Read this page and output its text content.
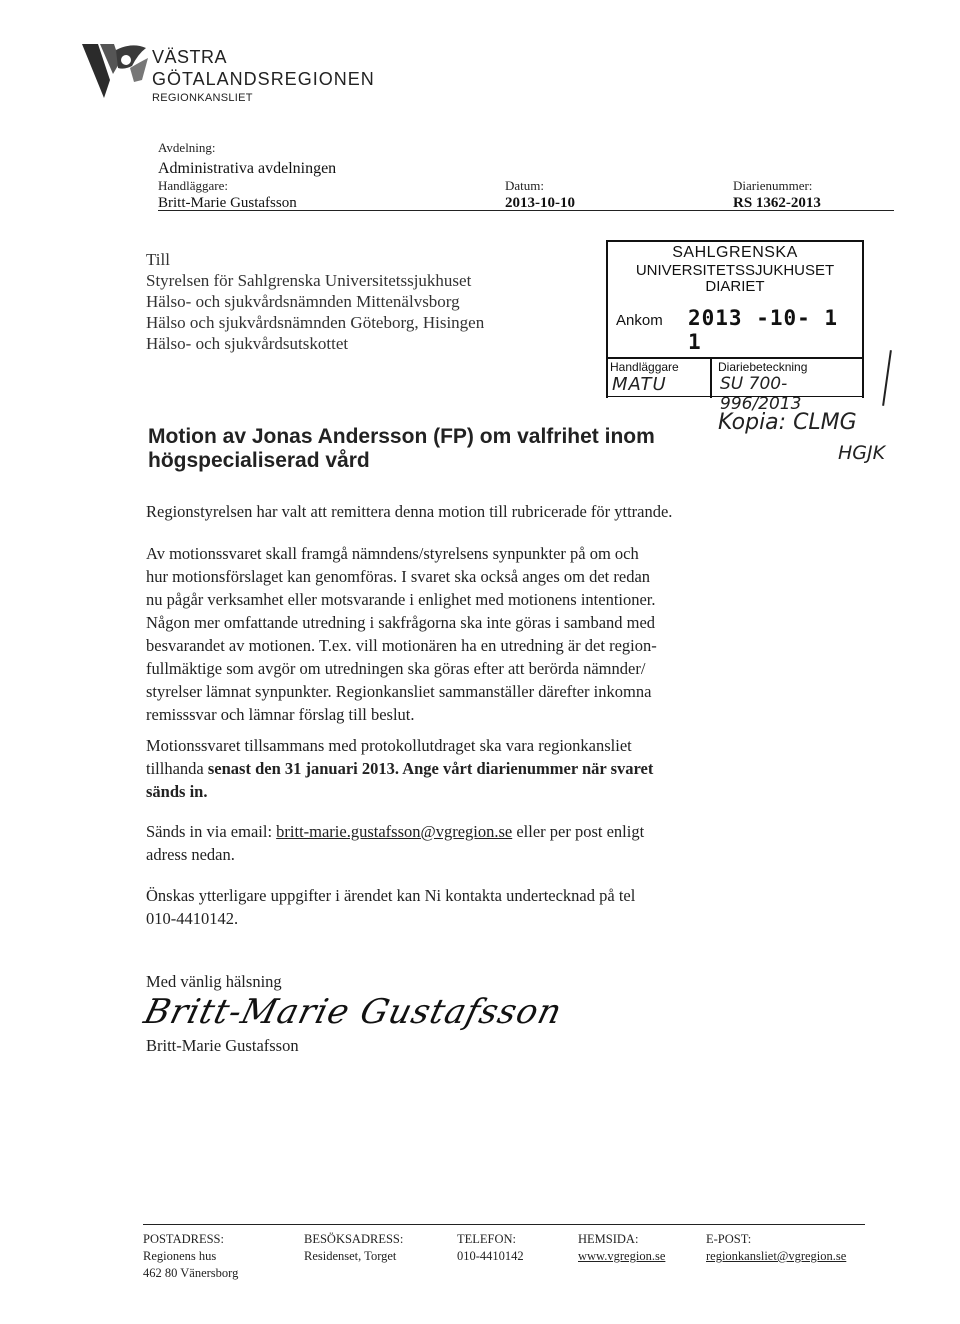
VÄSTRA
GÖTALANDSREGIONEN
REGIONKANSLIET
Avdelning:
Administrativa avdelningen
Handläggare:
Britt-Marie Gustafsson
Datum:
2013-10-10
Diarienummer:
RS 1362-2013
Till
Styrelsen för Sahlgrenska Universitetssjukhuset
Hälso- och sjukvårdsnämnden Mittenälvsborg
Hälso och sjukvårdsnämnden Göteborg, Hisingen
Hälso- och sjukvårdsutskottet
SAHLGRENSKA
UNIVERSITETSSJUKHUSET
DIARIET
Ankom 2013 -10- 1 1
Handläggare	Diariebeteckning
MATU	SU 700-996/2013
Kopia: CLMG
HGJK
Motion av Jonas Andersson (FP) om valfrihet inom högspecialiserad vård
Regionstyrelsen har valt att remittera denna motion till rubricerade för yttrande.
Av motionssvaret skall framgå nämndens/styrelsens synpunkter på om och
hur motionsförslaget kan genomföras. I svaret ska också anges om det redan
nu pågår verksamhet eller motsvarande i enlighet med motionens intentioner.
Någon mer omfattande utredning i sakfrågorna ska inte göras i samband med
besvarandet av motionen. T.ex. vill motionären ha en utredning är det region-
fullmäktige som avgör om utredningen ska göras efter att berörda nämnder/
styrelser lämnat synpunkter. Regionkansliet sammanställer därefter inkomna
remisssvar och lämnar förslag till beslut.
Motionssvaret tillsammans med protokollutdraget ska vara regionkansliet
tillhanda senast den 31 januari 2013. Ange vårt diarienummer när svaret
sänds in.
Sänds in via email: britt-marie.gustafsson@vgregion.se eller per post enligt
adress nedan.
Önskas ytterligare uppgifter i ärendet kan Ni kontakta undertecknad på tel
010-4410142.
Med vänlig hälsning
Britt-Marie Gustafsson
Britt-Marie Gustafsson
POSTADRESS:
Regionens hus
462 80 Vänersborg
BESÖKSADRESS:
Residenset, Torget
TELEFON:
010-4410142
HEMSIDA:
www.vgregion.se
E-POST:
regionkansliet@vgregion.se
